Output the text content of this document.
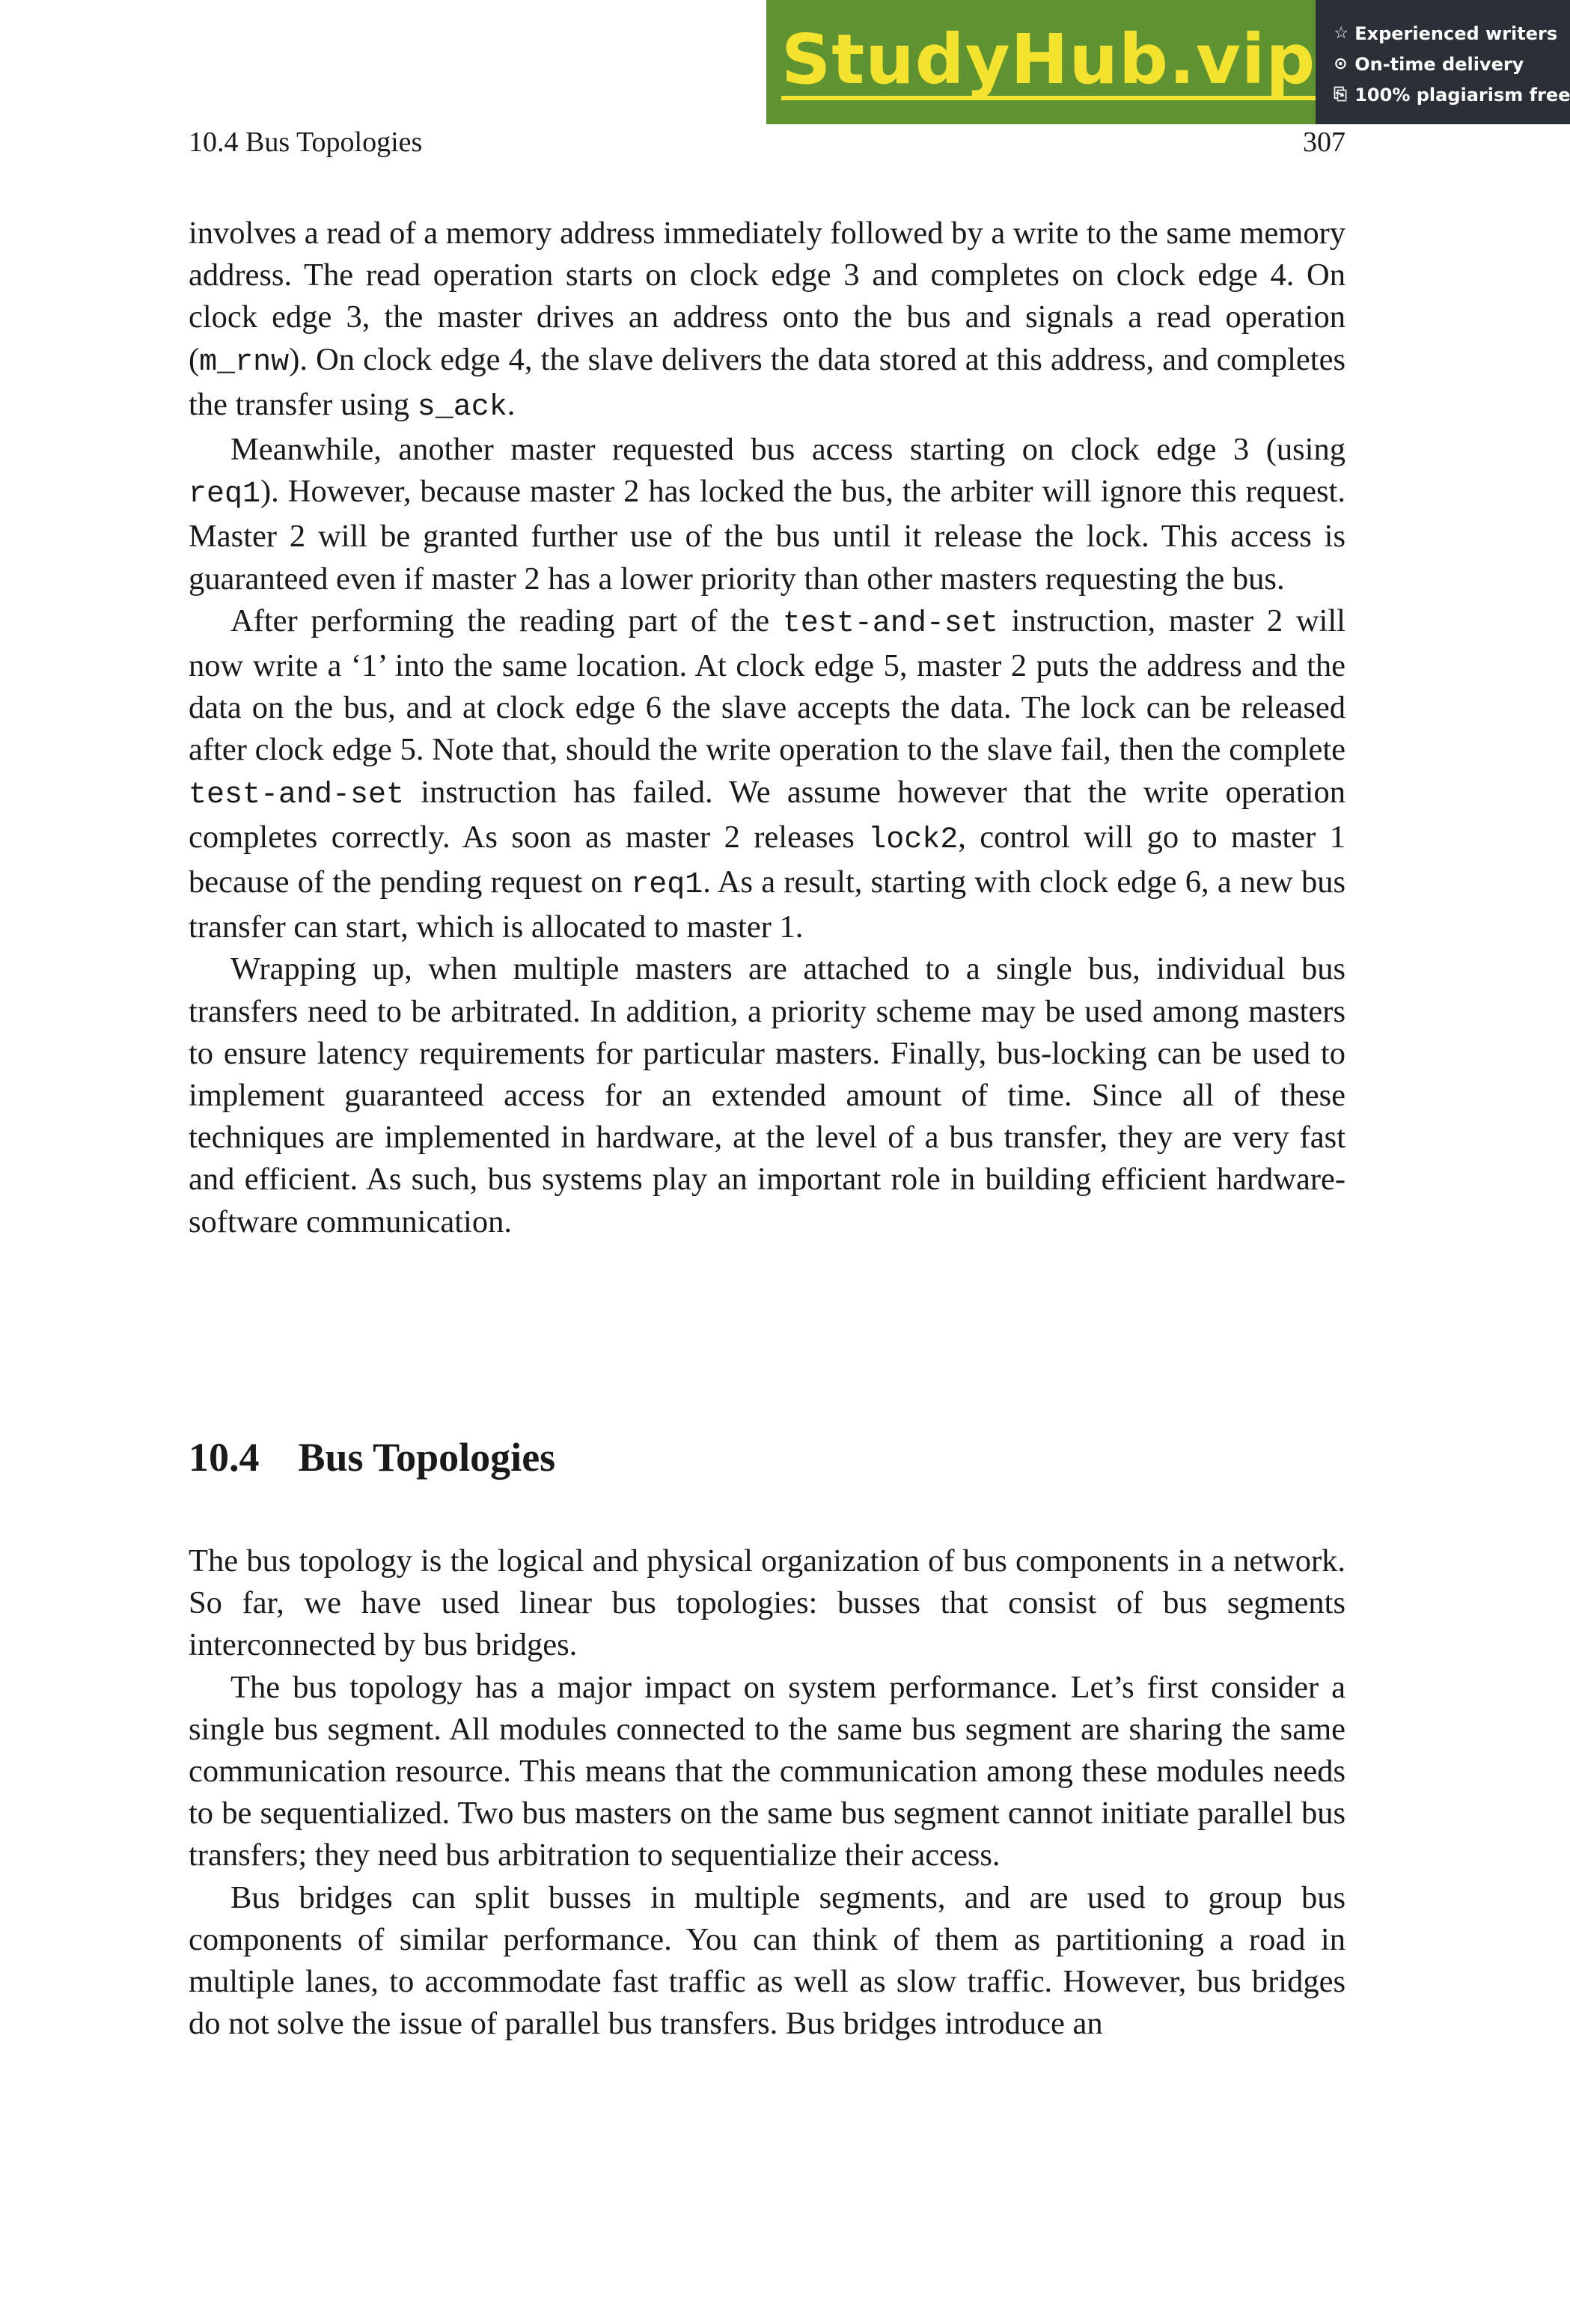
StudyHub.vip ☆ Experienced writers
⊙ On-time delivery
⎘ 100% plagiarism free
10.4 Bus Topologies	307

involves a read of a memory address immediately followed by a write to the same memory address. The read operation starts on clock edge 3 and completes on clock edge 4. On clock edge 3, the master drives an address onto the bus and signals a read operation (m_rnw). On clock edge 4, the slave delivers the data stored at this address, and completes the transfer using s_ack.

Meanwhile, another master requested bus access starting on clock edge 3 (using req1). However, because master 2 has locked the bus, the arbiter will ignore this request. Master 2 will be granted further use of the bus until it release the lock. This access is guaranteed even if master 2 has a lower priority than other masters requesting the bus.

After performing the reading part of the test-and-set instruction, master 2 will now write a ‘1’ into the same location. At clock edge 5, master 2 puts the address and the data on the bus, and at clock edge 6 the slave accepts the data. The lock can be released after clock edge 5. Note that, should the write operation to the slave fail, then the complete test-and-set instruction has failed. We assume however that the write operation completes correctly. As soon as master 2 releases lock2, control will go to master 1 because of the pending request on req1. As a result, starting with clock edge 6, a new bus transfer can start, which is allocated to master 1.

Wrapping up, when multiple masters are attached to a single bus, individual bus transfers need to be arbitrated. In addition, a priority scheme may be used among masters to ensure latency requirements for particular masters. Finally, bus-locking can be used to implement guaranteed access for an extended amount of time. Since all of these techniques are implemented in hardware, at the level of a bus transfer, they are very fast and efficient. As such, bus systems play an important role in building efficient hardware-software communication.

10.4 Bus Topologies

The bus topology is the logical and physical organization of bus components in a network. So far, we have used linear bus topologies: busses that consist of bus segments interconnected by bus bridges.

The bus topology has a major impact on system performance. Let’s first consider a single bus segment. All modules connected to the same bus segment are sharing the same communication resource. This means that the communication among these modules needs to be sequentialized. Two bus masters on the same bus segment cannot initiate parallel bus transfers; they need bus arbitration to sequentialize their access.

Bus bridges can split busses in multiple segments, and are used to group bus components of similar performance. You can think of them as partitioning a road in multiple lanes, to accommodate fast traffic as well as slow traffic. However, bus bridges do not solve the issue of parallel bus transfers. Bus bridges introduce an
